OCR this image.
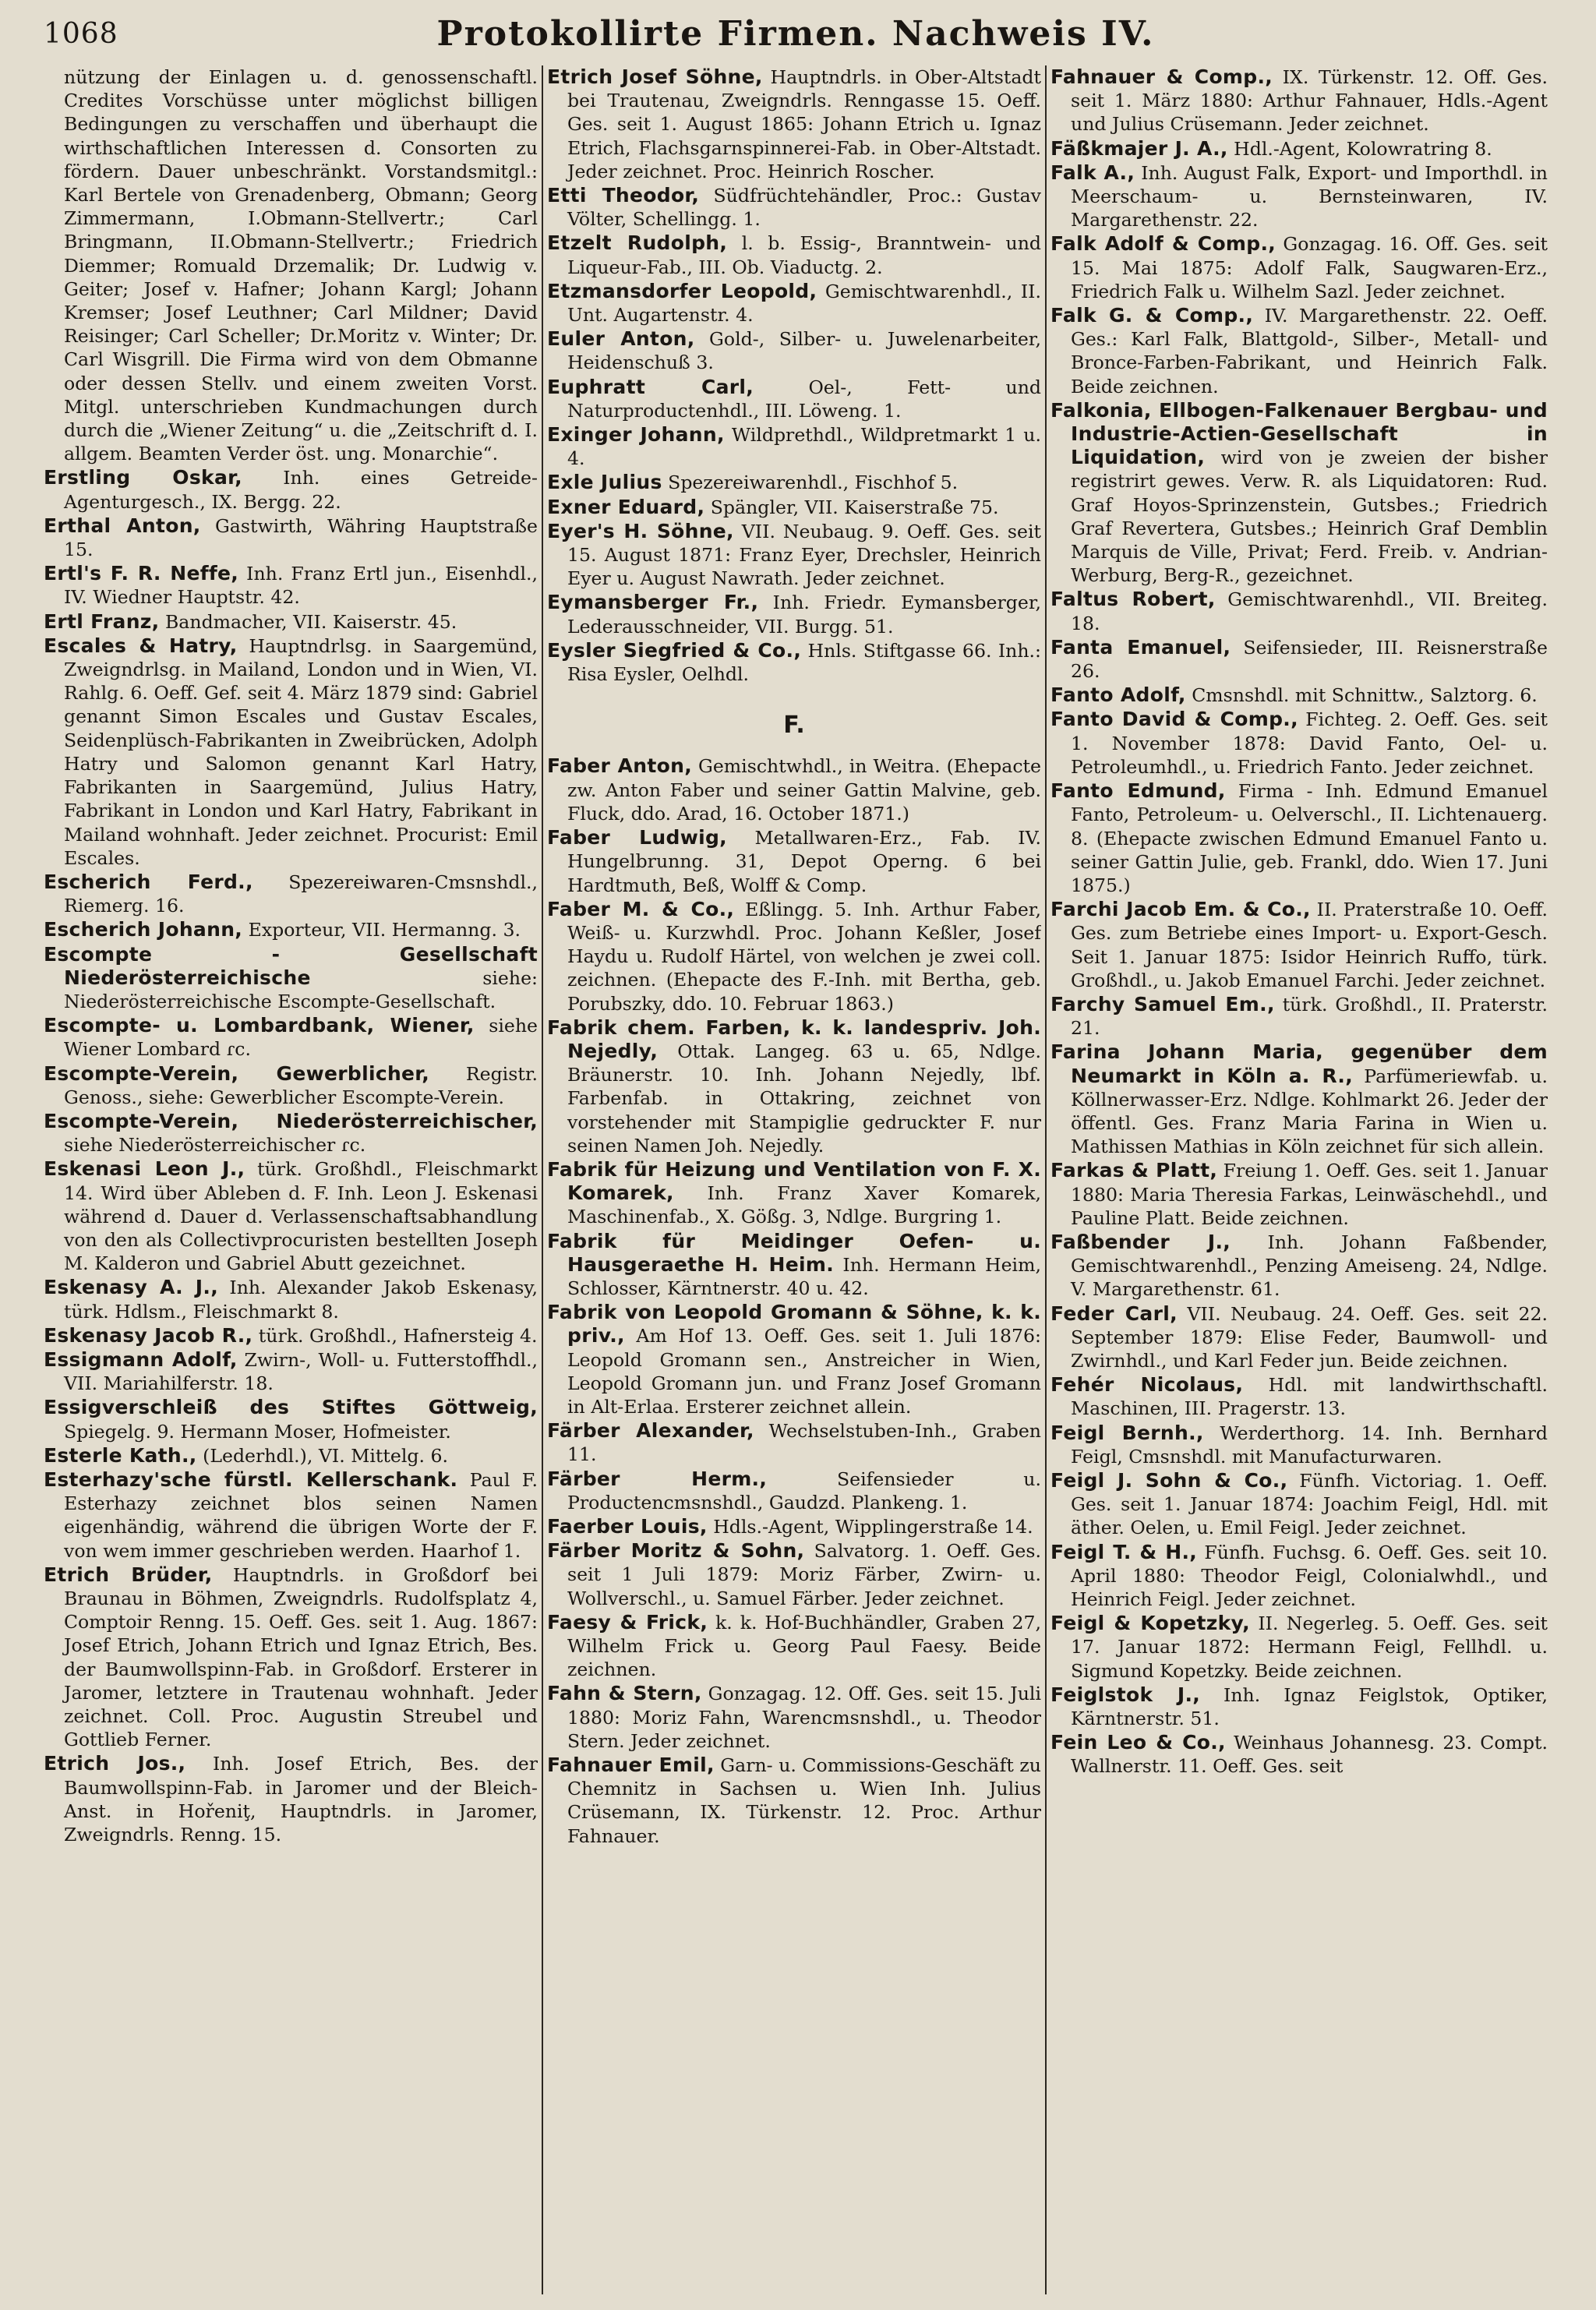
1068	Protokollirte Firmen. Nachweis IV.

nützung der Einlagen u. d. genossenschaftl. Credites Vorschüsse unter möglichst billigen Bedingungen zu verschaffen und überhaupt die wirthschaftlichen Interessen d. Consorten zu fördern. Dauer unbeschränkt. Vorstandsmitgl.: Karl Bertele von Grenadenberg, Obmann; Georg Zimmermann, I.Obmann-Stellvertr.; Carl Bringmann, II.Obmann-Stellvertr.; Friedrich Diemmer; Romuald Drzemalik; Dr. Ludwig v. Geiter; Josef v. Hafner; Johann Kargl; Johann Kremser; Josef Leuthner; Carl Mildner; David Reisinger; Carl Scheller; Dr.Moritz v. Winter; Dr. Carl Wisgrill. Die Firma wird von dem Obmanne oder dessen Stellv. und einem zweiten Vorst. Mitgl. unterschrieben Kundmachungen durch durch die „Wiener Zeitung“ u. die „Zeitschrift d. I. allgem. Beamten Verder öst. ung. Monarchie“.

Erstling Oskar, Inh. eines Getreide-Agenturgesch., IX. Bergg. 22.

Erthal Anton, Gastwirth, Währing Hauptstraße 15.

Ertl's F. R. Neffe, Inh. Franz Ertl jun., Eisenhdl., IV. Wiedner Hauptstr. 42.

Ertl Franz, Bandmacher, VII. Kaiserstr. 45.

Escales & Hatry, Hauptndrlsg. in Saargemünd, Zweigndrlsg. in Mailand, London und in Wien, VI. Rahlg. 6. Oeff. Gef. seit 4. März 1879 sind: Gabriel genannt Simon Escales und Gustav Escales, Seidenplüsch-Fabrikanten in Zweibrücken, Adolph Hatry und Salomon genannt Karl Hatry, Fabrikanten in Saargemünd, Julius Hatry, Fabrikant in London und Karl Hatry, Fabrikant in Mailand wohnhaft. Jeder zeichnet. Procurist: Emil Escales.

Escherich Ferd., Spezereiwaren-Cmsnshdl., Riemerg. 16.

Escherich Johann, Exporteur, VII. Hermanng. 3.

Escompte - Gesellschaft Niederösterreichische siehe: Niederösterreichische Escompte-Gesellschaft.

Escompte- u. Lombardbank, Wiener, siehe Wiener Lombard ɾc.

Escompte-Verein, Gewerblicher, Registr. Genoss., siehe: Gewerblicher Escompte-Verein.

Escompte-Verein, Niederösterreichischer, siehe Niederösterreichischer ɾc.

Eskenasi Leon J., türk. Großhdl., Fleischmarkt 14. Wird über Ableben d. F. Inh. Leon J. Eskenasi während d. Dauer d. Verlassenschaftsabhandlung von den als Collectivprocuristen bestellten Joseph M. Kalderon und Gabriel Abutt gezeichnet.

Eskenasy A. J., Inh. Alexander Jakob Eskenasy, türk. Hdlsm., Fleischmarkt 8.

Eskenasy Jacob R., türk. Großhdl., Hafnersteig 4.

Essigmann Adolf, Zwirn-, Woll- u. Futterstoffhdl., VII. Mariahilferstr. 18.

Essigverschleiß des Stiftes Göttweig, Spiegelg. 9. Hermann Moser, Hofmeister.

Esterle Kath., (Lederhdl.), VI. Mittelg. 6.

Esterhazy'sche fürstl. Kellerschank. Paul F. Esterhazy zeichnet blos seinen Namen eigenhändig, während die übrigen Worte der F. von wem immer geschrieben werden. Haarhof 1.

Etrich Brüder, Hauptndrls. in Großdorf bei Braunau in Böhmen, Zweigndrls. Rudolfsplatz 4, Comptoir Renng. 15. Oeff. Ges. seit 1. Aug. 1867: Josef Etrich, Johann Etrich und Ignaz Etrich, Bes. der Baumwollspinn-Fab. in Großdorf. Ersterer in Jaromer, letztere in Trautenau wohnhaft. Jeder zeichnet. Coll. Proc. Augustin Streubel und Gottlieb Ferner.

Etrich Jos., Inh. Josef Etrich, Bes. der Baumwollspinn-Fab. in Jaromer und der Bleich-Anst. in Hořeniţ, Hauptndrls. in Jaromer, Zweigndrls. Renng. 15.

Etrich Josef Söhne, Hauptndrls. in Ober-Altstadt bei Trautenau, Zweigndrls. Renngasse 15. Oeff. Ges. seit 1. August 1865: Johann Etrich u. Ignaz Etrich, Flachsgarnspinnerei-Fab. in Ober-Altstadt. Jeder zeichnet. Proc. Heinrich Roscher.

Etti Theodor, Südfrüchtehändler, Proc.: Gustav Völter, Schellingg. 1.

Etzelt Rudolph, l. b. Essig-, Branntwein- und Liqueur-Fab., III. Ob. Viaductg. 2.

Etzmansdorfer Leopold, Gemischtwarenhdl., II. Unt. Augartenstr. 4.

Euler Anton, Gold-, Silber- u. Juwelenarbeiter, Heidenschuß 3.

Euphratt Carl, Oel-, Fett- und Naturproductenhdl., III. Löweng. 1.

Exinger Johann, Wildprethdl., Wildpretmarkt 1 u. 4.

Exle Julius Spezereiwarenhdl., Fischhof 5.

Exner Eduard, Spängler, VII. Kaiserstraße 75.

Eyer's H. Söhne, VII. Neubaug. 9. Oeff. Ges. seit 15. August 1871: Franz Eyer, Drechsler, Heinrich Eyer u. August Nawrath. Jeder zeichnet.

Eymansberger Fr., Inh. Friedr. Eymansberger, Lederausschneider, VII. Burgg. 51.

Eysler Siegfried & Co., Hnls. Stiftgasse 66. Inh.: Risa Eysler, Oelhdl.

F.

Faber Anton, Gemischtwhdl., in Weitra. (Ehepacte zw. Anton Faber und seiner Gattin Malvine, geb. Fluck, ddo. Arad, 16. October 1871.)

Faber Ludwig, Metallwaren-Erz., Fab. IV. Hungelbrunng. 31, Depot Operng. 6 bei Hardtmuth, Beß, Wolff & Comp.

Faber M. & Co., Eßlingg. 5. Inh. Arthur Faber, Weiß- u. Kurzwhdl. Proc. Johann Keßler, Josef Haydu u. Rudolf Härtel, von welchen je zwei coll. zeichnen. (Ehepacte des F.-Inh. mit Bertha, geb. Porubszky, ddo. 10. Februar 1863.)

Fabrik chem. Farben, k. k. landespriv. Joh. Nejedly, Ottak. Langeg. 63 u. 65, Ndlge. Bräunerstr. 10. Inh. Johann Nejedly, lbf. Farbenfab. in Ottakring, zeichnet von vorstehender mit Stampiglie gedruckter F. nur seinen Namen Joh. Nejedly.

Fabrik für Heizung und Ventilation von F. X. Komarek, Inh. Franz Xaver Komarek, Maschinenfab., X. Gößg. 3, Ndlge. Burgring 1.

Fabrik für Meidinger Oefen- u. Hausgeraethe H. Heim. Inh. Hermann Heim, Schlosser, Kärntnerstr. 40 u. 42.

Fabrik von Leopold Gromann & Söhne, k. k. priv., Am Hof 13. Oeff. Ges. seit 1. Juli 1876: Leopold Gromann sen., Anstreicher in Wien, Leopold Gromann jun. und Franz Josef Gromann in Alt-Erlaa. Ersterer zeichnet allein.

Färber Alexander, Wechselstuben-Inh., Graben 11.

Färber Herm., Seifensieder u. Productencmsnshdl., Gaudzd. Plankeng. 1.

Faerber Louis, Hdls.-Agent, Wipplingerstraße 14.

Färber Moritz & Sohn, Salvatorg. 1. Oeff. Ges. seit 1 Juli 1879: Moriz Färber, Zwirn- u. Wollverschl., u. Samuel Färber. Jeder zeichnet.

Faesy & Frick, k. k. Hof-Buchhändler, Graben 27, Wilhelm Frick u. Georg Paul Faesy. Beide zeichnen.

Fahn & Stern, Gonzagag. 12. Off. Ges. seit 15. Juli 1880: Moriz Fahn, Warencmsnshdl., u. Theodor Stern. Jeder zeichnet.

Fahnauer Emil, Garn- u. Commissions-Geschäft zu Chemnitz in Sachsen u. Wien Inh. Julius Crüsemann, IX. Türkenstr. 12. Proc. Arthur Fahnauer.

Fahnauer & Comp., IX. Türkenstr. 12. Off. Ges. seit 1. März 1880: Arthur Fahnauer, Hdls.-Agent und Julius Crüsemann. Jeder zeichnet.

Fäßkmajer J. A., Hdl.-Agent, Kolowratring 8.

Falk A., Inh. August Falk, Export- und Importhdl. in Meerschaum- u. Bernsteinwaren, IV. Margarethenstr. 22.

Falk Adolf & Comp., Gonzagag. 16. Off. Ges. seit 15. Mai 1875: Adolf Falk, Saugwaren-Erz., Friedrich Falk u. Wilhelm Sazl. Jeder zeichnet.

Falk G. & Comp., IV. Margarethenstr. 22. Oeff. Ges.: Karl Falk, Blattgold-, Silber-, Metall- und Bronce-Farben-Fabrikant, und Heinrich Falk. Beide zeichnen.

Falkonia, Ellbogen-Falkenauer Bergbau- und Industrie-Actien-Gesellschaft in Liquidation, wird von je zweien der bisher registrirt gewes. Verw. R. als Liquidatoren: Rud. Graf Hoyos-Sprinzenstein, Gutsbes.; Friedrich Graf Revertera, Gutsbes.; Heinrich Graf Demblin Marquis de Ville, Privat; Ferd. Freib. v. Andrian-Werburg, Berg-R., gezeichnet.

Faltus Robert, Gemischtwarenhdl., VII. Breiteg. 18.

Fanta Emanuel, Seifensieder, III. Reisnerstraße 26.

Fanto Adolf, Cmsnshdl. mit Schnittw., Salztorg. 6.

Fanto David & Comp., Fichteg. 2. Oeff. Ges. seit 1. November 1878: David Fanto, Oel- u. Petroleumhdl., u. Friedrich Fanto. Jeder zeichnet.

Fanto Edmund, Firma - Inh. Edmund Emanuel Fanto, Petroleum- u. Oelverschl., II. Lichtenauerg. 8. (Ehepacte zwischen Edmund Emanuel Fanto u. seiner Gattin Julie, geb. Frankl, ddo. Wien 17. Juni 1875.)

Farchi Jacob Em. & Co., II. Praterstraße 10. Oeff. Ges. zum Betriebe eines Import- u. Export-Gesch. Seit 1. Januar 1875: Isidor Heinrich Ruffo, türk. Großhdl., u. Jakob Emanuel Farchi. Jeder zeichnet.

Farchy Samuel Em., türk. Großhdl., II. Praterstr. 21.

Farina Johann Maria, gegenüber dem Neumarkt in Köln a. R., Parfümeriewfab. u. Köllnerwasser-Erz. Ndlge. Kohlmarkt 26. Jeder der öffentl. Ges. Franz Maria Farina in Wien u. Mathissen Mathias in Köln zeichnet für sich allein.

Farkas & Platt, Freiung 1. Oeff. Ges. seit 1. Januar 1880: Maria Theresia Farkas, Leinwäschehdl., und Pauline Platt. Beide zeichnen.

Faßbender J., Inh. Johann Faßbender, Gemischtwarenhdl., Penzing Ameiseng. 24, Ndlge. V. Margarethenstr. 61.

Feder Carl, VII. Neubaug. 24. Oeff. Ges. seit 22. September 1879: Elise Feder, Baumwoll- und Zwirnhdl., und Karl Feder jun. Beide zeichnen.

Fehér Nicolaus, Hdl. mit landwirthschaftl. Maschinen, III. Pragerstr. 13.

Feigl Bernh., Werderthorg. 14. Inh. Bernhard Feigl, Cmsnshdl. mit Manufacturwaren.

Feigl J. Sohn & Co., Fünfh. Victoriag. 1. Oeff. Ges. seit 1. Januar 1874: Joachim Feigl, Hdl. mit äther. Oelen, u. Emil Feigl. Jeder zeichnet.

Feigl T. & H., Fünfh. Fuchsg. 6. Oeff. Ges. seit 10. April 1880: Theodor Feigl, Colonialwhdl., und Heinrich Feigl. Jeder zeichnet.

Feigl & Kopetzky, II. Negerleg. 5. Oeff. Ges. seit 17. Januar 1872: Hermann Feigl, Fellhdl. u. Sigmund Kopetzky. Beide zeichnen.

Feiglstok J., Inh. Ignaz Feiglstok, Optiker, Kärntnerstr. 51.

Fein Leo & Co., Weinhaus Johannesg. 23. Compt. Wallnerstr. 11. Oeff. Ges. seit
